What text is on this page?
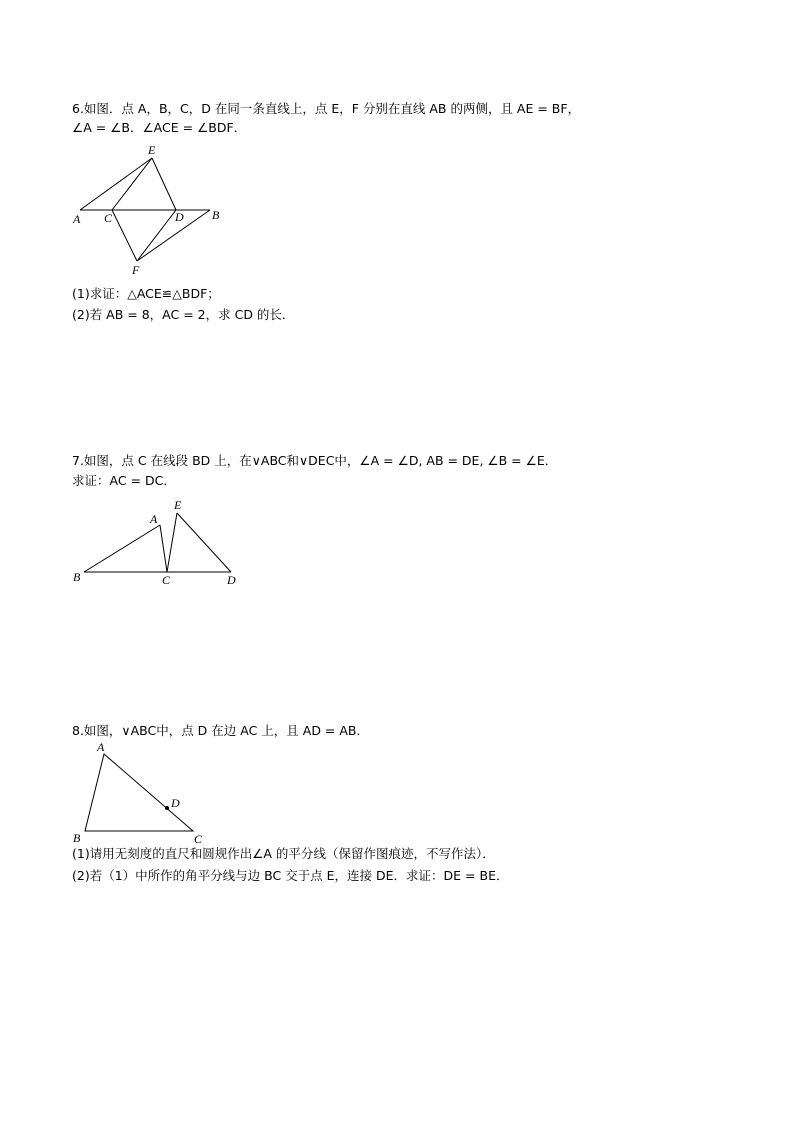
6.如图．点 A，B，C，D 在同一条直线上，点 E，F 分别在直线 AB 的两侧，且 AE = BF，
∠A = ∠B．∠ACE = ∠BDF．
E
A C	D B
F
(1)求证：△ACE≌△BDF；
(2)若 AB = 8，AC = 2，求 CD 的长．
7.如图，点 C 在线段 BD 上，在∨ABC和∨DEC中，∠A = ∠D, AB = DE, ∠B = ∠E．
求证：AC = DC．
A
E
B	C	D
8.如图，∨ABC中，点 D 在边 AC 上，且 AD = AB．
A
D
B	C
(1)请用无刻度的直尺和圆规作出∠A 的平分线（保留作图痕迹，不写作法）．
(2)若（1）中所作的角平分线与边 BC 交于点 E，连接 DE．求证：DE = BE．
